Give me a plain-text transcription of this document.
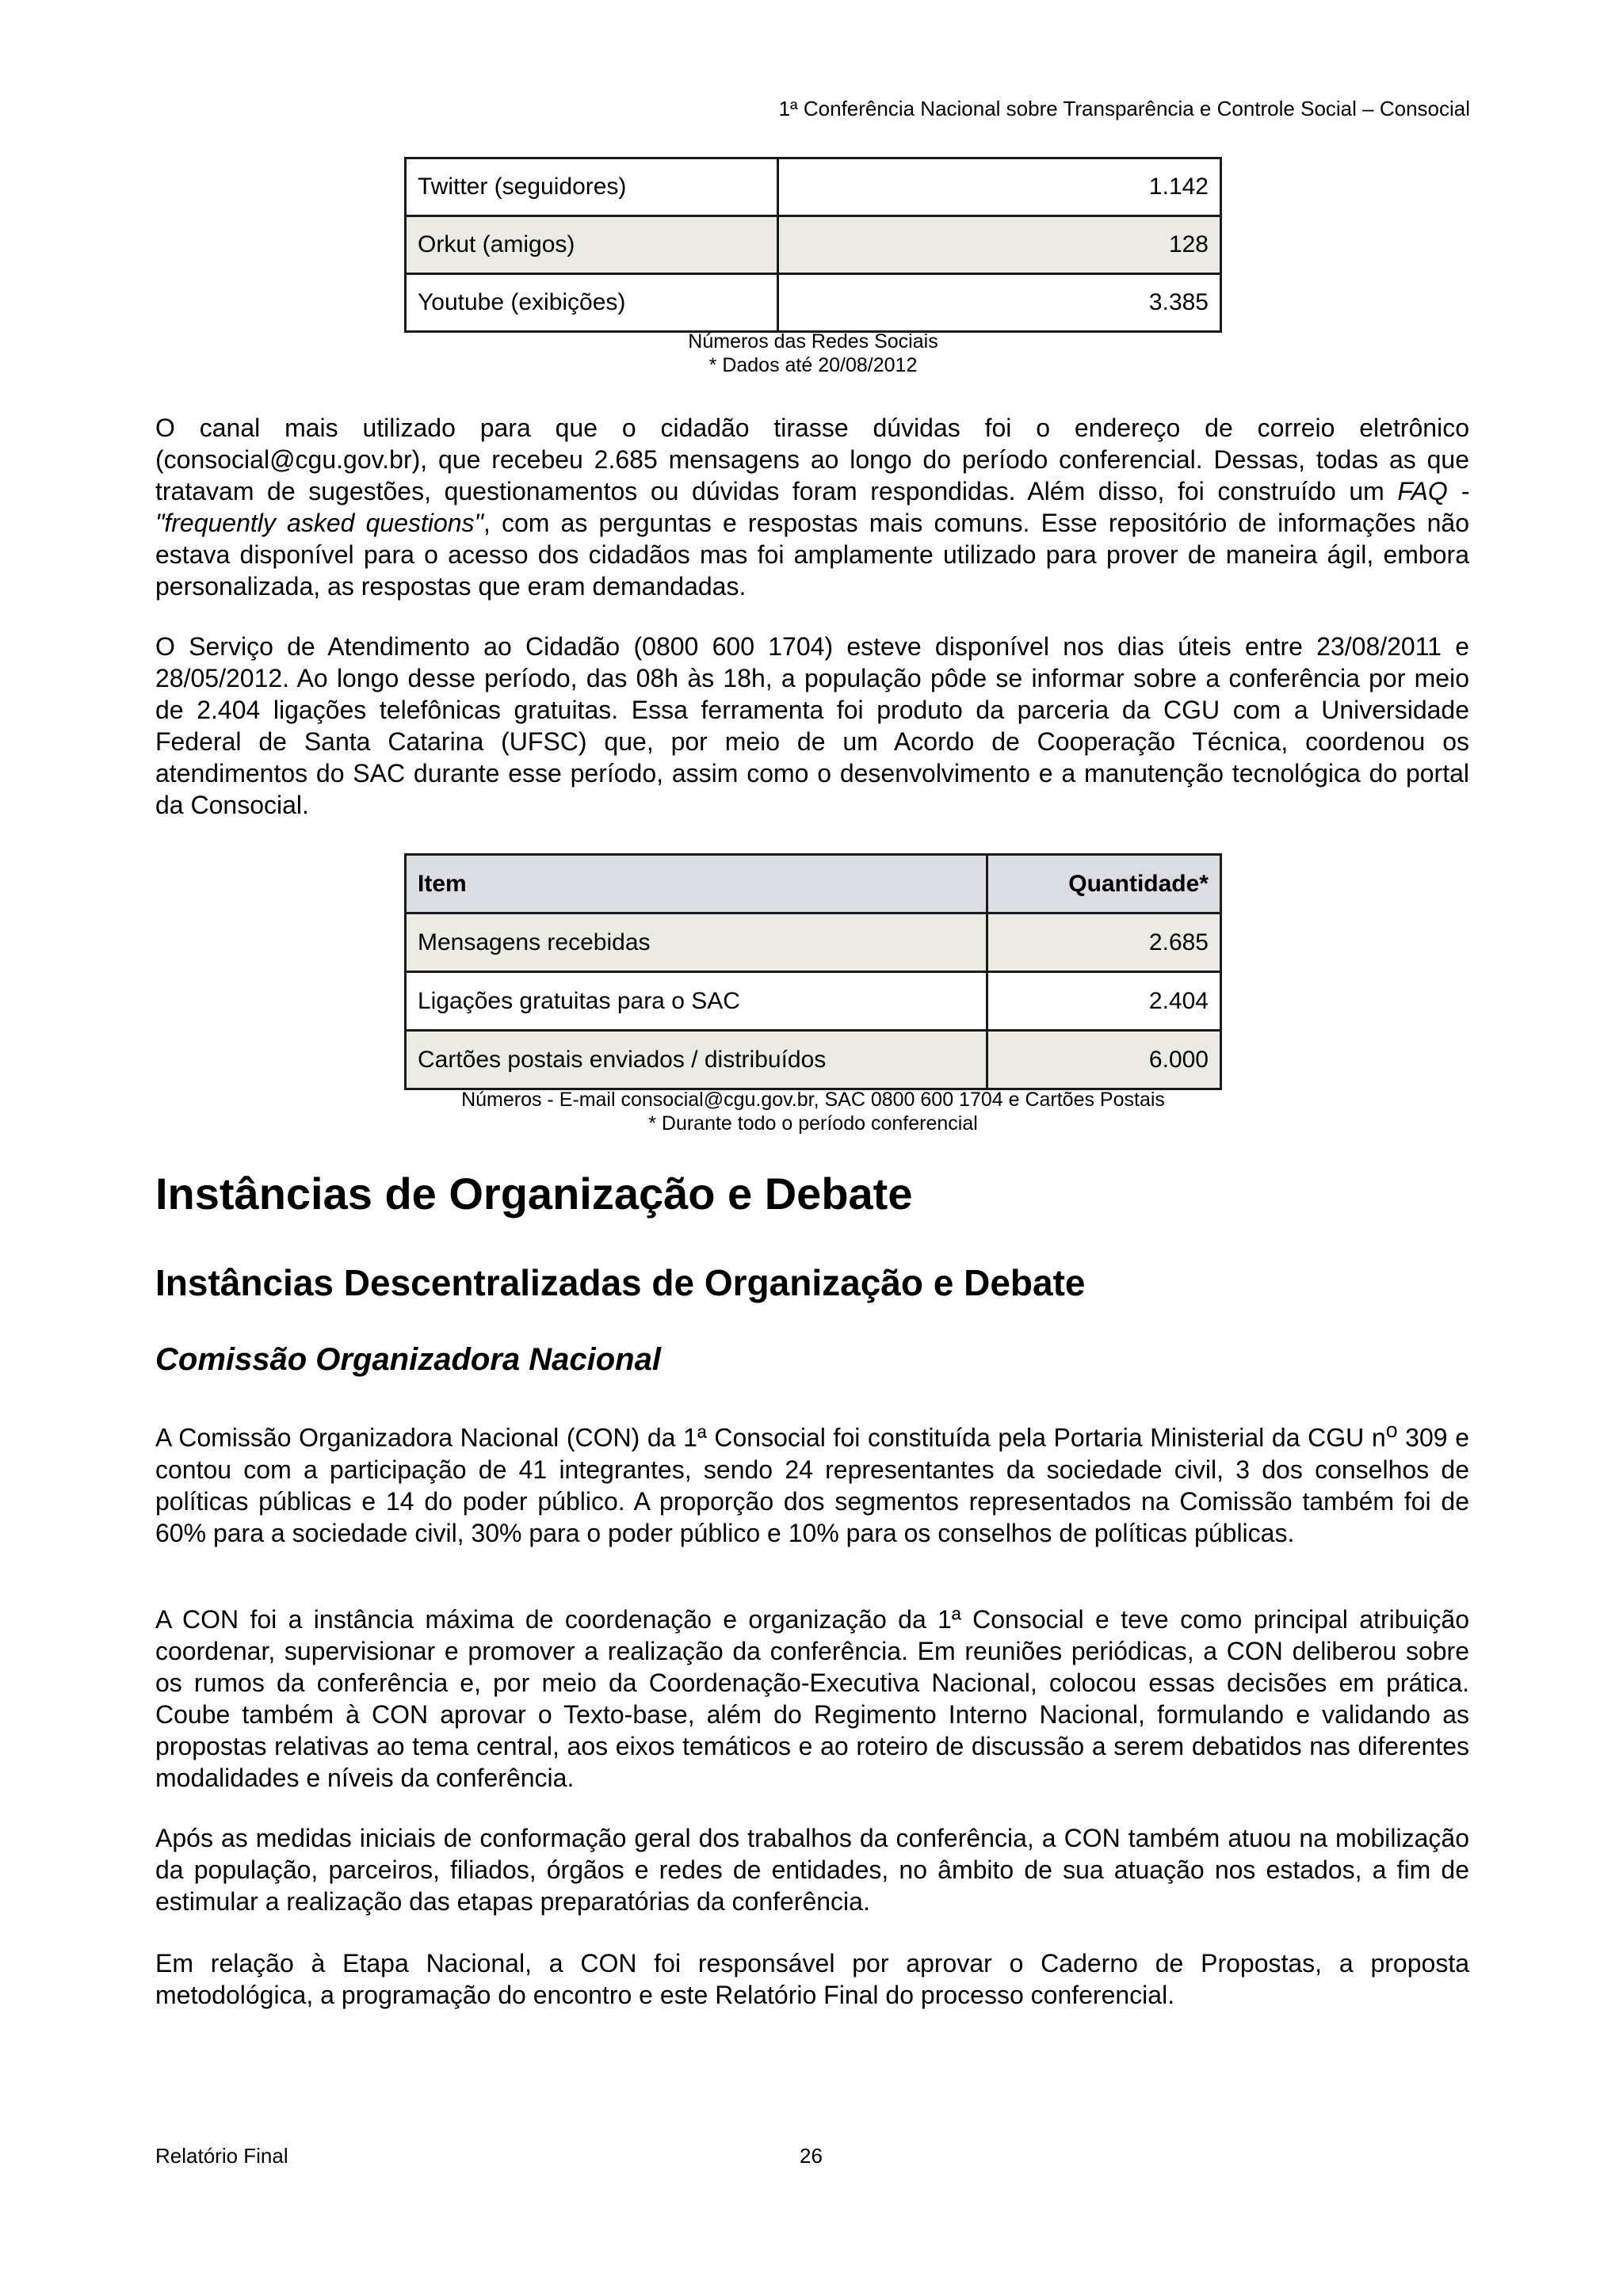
1ª Conferência Nacional sobre Transparência e Controle Social – Consocial
Twitter (seguidores)	1.142
Orkut (amigos)	128
Youtube (exibições)	3.385
Números das Redes Sociais
* Dados até 20/08/2012

O canal mais utilizado para que o cidadão tirasse dúvidas foi o endereço de correio eletrônico (consocial@cgu.gov.br), que recebeu 2.685 mensagens ao longo do período conferencial. Dessas, todas as que tratavam de sugestões, questionamentos ou dúvidas foram respondidas. Além disso, foi construído um FAQ - "frequently asked questions", com as perguntas e respostas mais comuns. Esse repositório de informações não estava disponível para o acesso dos cidadãos mas foi amplamente utilizado para prover de maneira ágil, embora personalizada, as respostas que eram demandadas.

O Serviço de Atendimento ao Cidadão (0800 600 1704) esteve disponível nos dias úteis entre 23/08/2011 e 28/05/2012. Ao longo desse período, das 08h às 18h, a população pôde se informar sobre a conferência por meio de 2.404 ligações telefônicas gratuitas. Essa ferramenta foi produto da parceria da CGU com a Universidade Federal de Santa Catarina (UFSC) que, por meio de um Acordo de Cooperação Técnica, coordenou os atendimentos do SAC durante esse período, assim como o desenvolvimento e a manutenção tecnológica do portal da Consocial.

Item	Quantidade*
Mensagens recebidas	2.685
Ligações gratuitas para o SAC	2.404
Cartões postais enviados / distribuídos	6.000
Números - E-mail consocial@cgu.gov.br, SAC 0800 600 1704 e Cartões Postais
* Durante todo o período conferencial
Instâncias de Organização e Debate
Instâncias Descentralizadas de Organização e Debate
Comissão Organizadora Nacional

A Comissão Organizadora Nacional (CON) da 1ª Consocial foi constituída pela Portaria Ministerial da CGU $n^o$ 309 e contou com a participação de 41 integrantes, sendo 24 representantes da sociedade civil, 3 dos conselhos de políticas públicas e 14 do poder público. A proporção dos segmentos representados na Comissão também foi de 60% para a sociedade civil, 30% para o poder público e 10% para os conselhos de políticas públicas.

A CON foi a instância máxima de coordenação e organização da 1ª Consocial e teve como principal atribuição coordenar, supervisionar e promover a realização da conferência. Em reuniões periódicas, a CON deliberou sobre os rumos da conferência e, por meio da Coordenação-Executiva Nacional, colocou essas decisões em prática. Coube também à CON aprovar o Texto-base, além do Regimento Interno Nacional, formulando e validando as propostas relativas ao tema central, aos eixos temáticos e ao roteiro de discussão a serem debatidos nas diferentes modalidades e níveis da conferência.

Após as medidas iniciais de conformação geral dos trabalhos da conferência, a CON também atuou na mobilização da população, parceiros, filiados, órgãos e redes de entidades, no âmbito de sua atuação nos estados, a fim de estimular a realização das etapas preparatórias da conferência.

Em relação à Etapa Nacional, a CON foi responsável por aprovar o Caderno de Propostas, a proposta metodológica, a programação do encontro e este Relatório Final do processo conferencial.

Relatório Final	26
